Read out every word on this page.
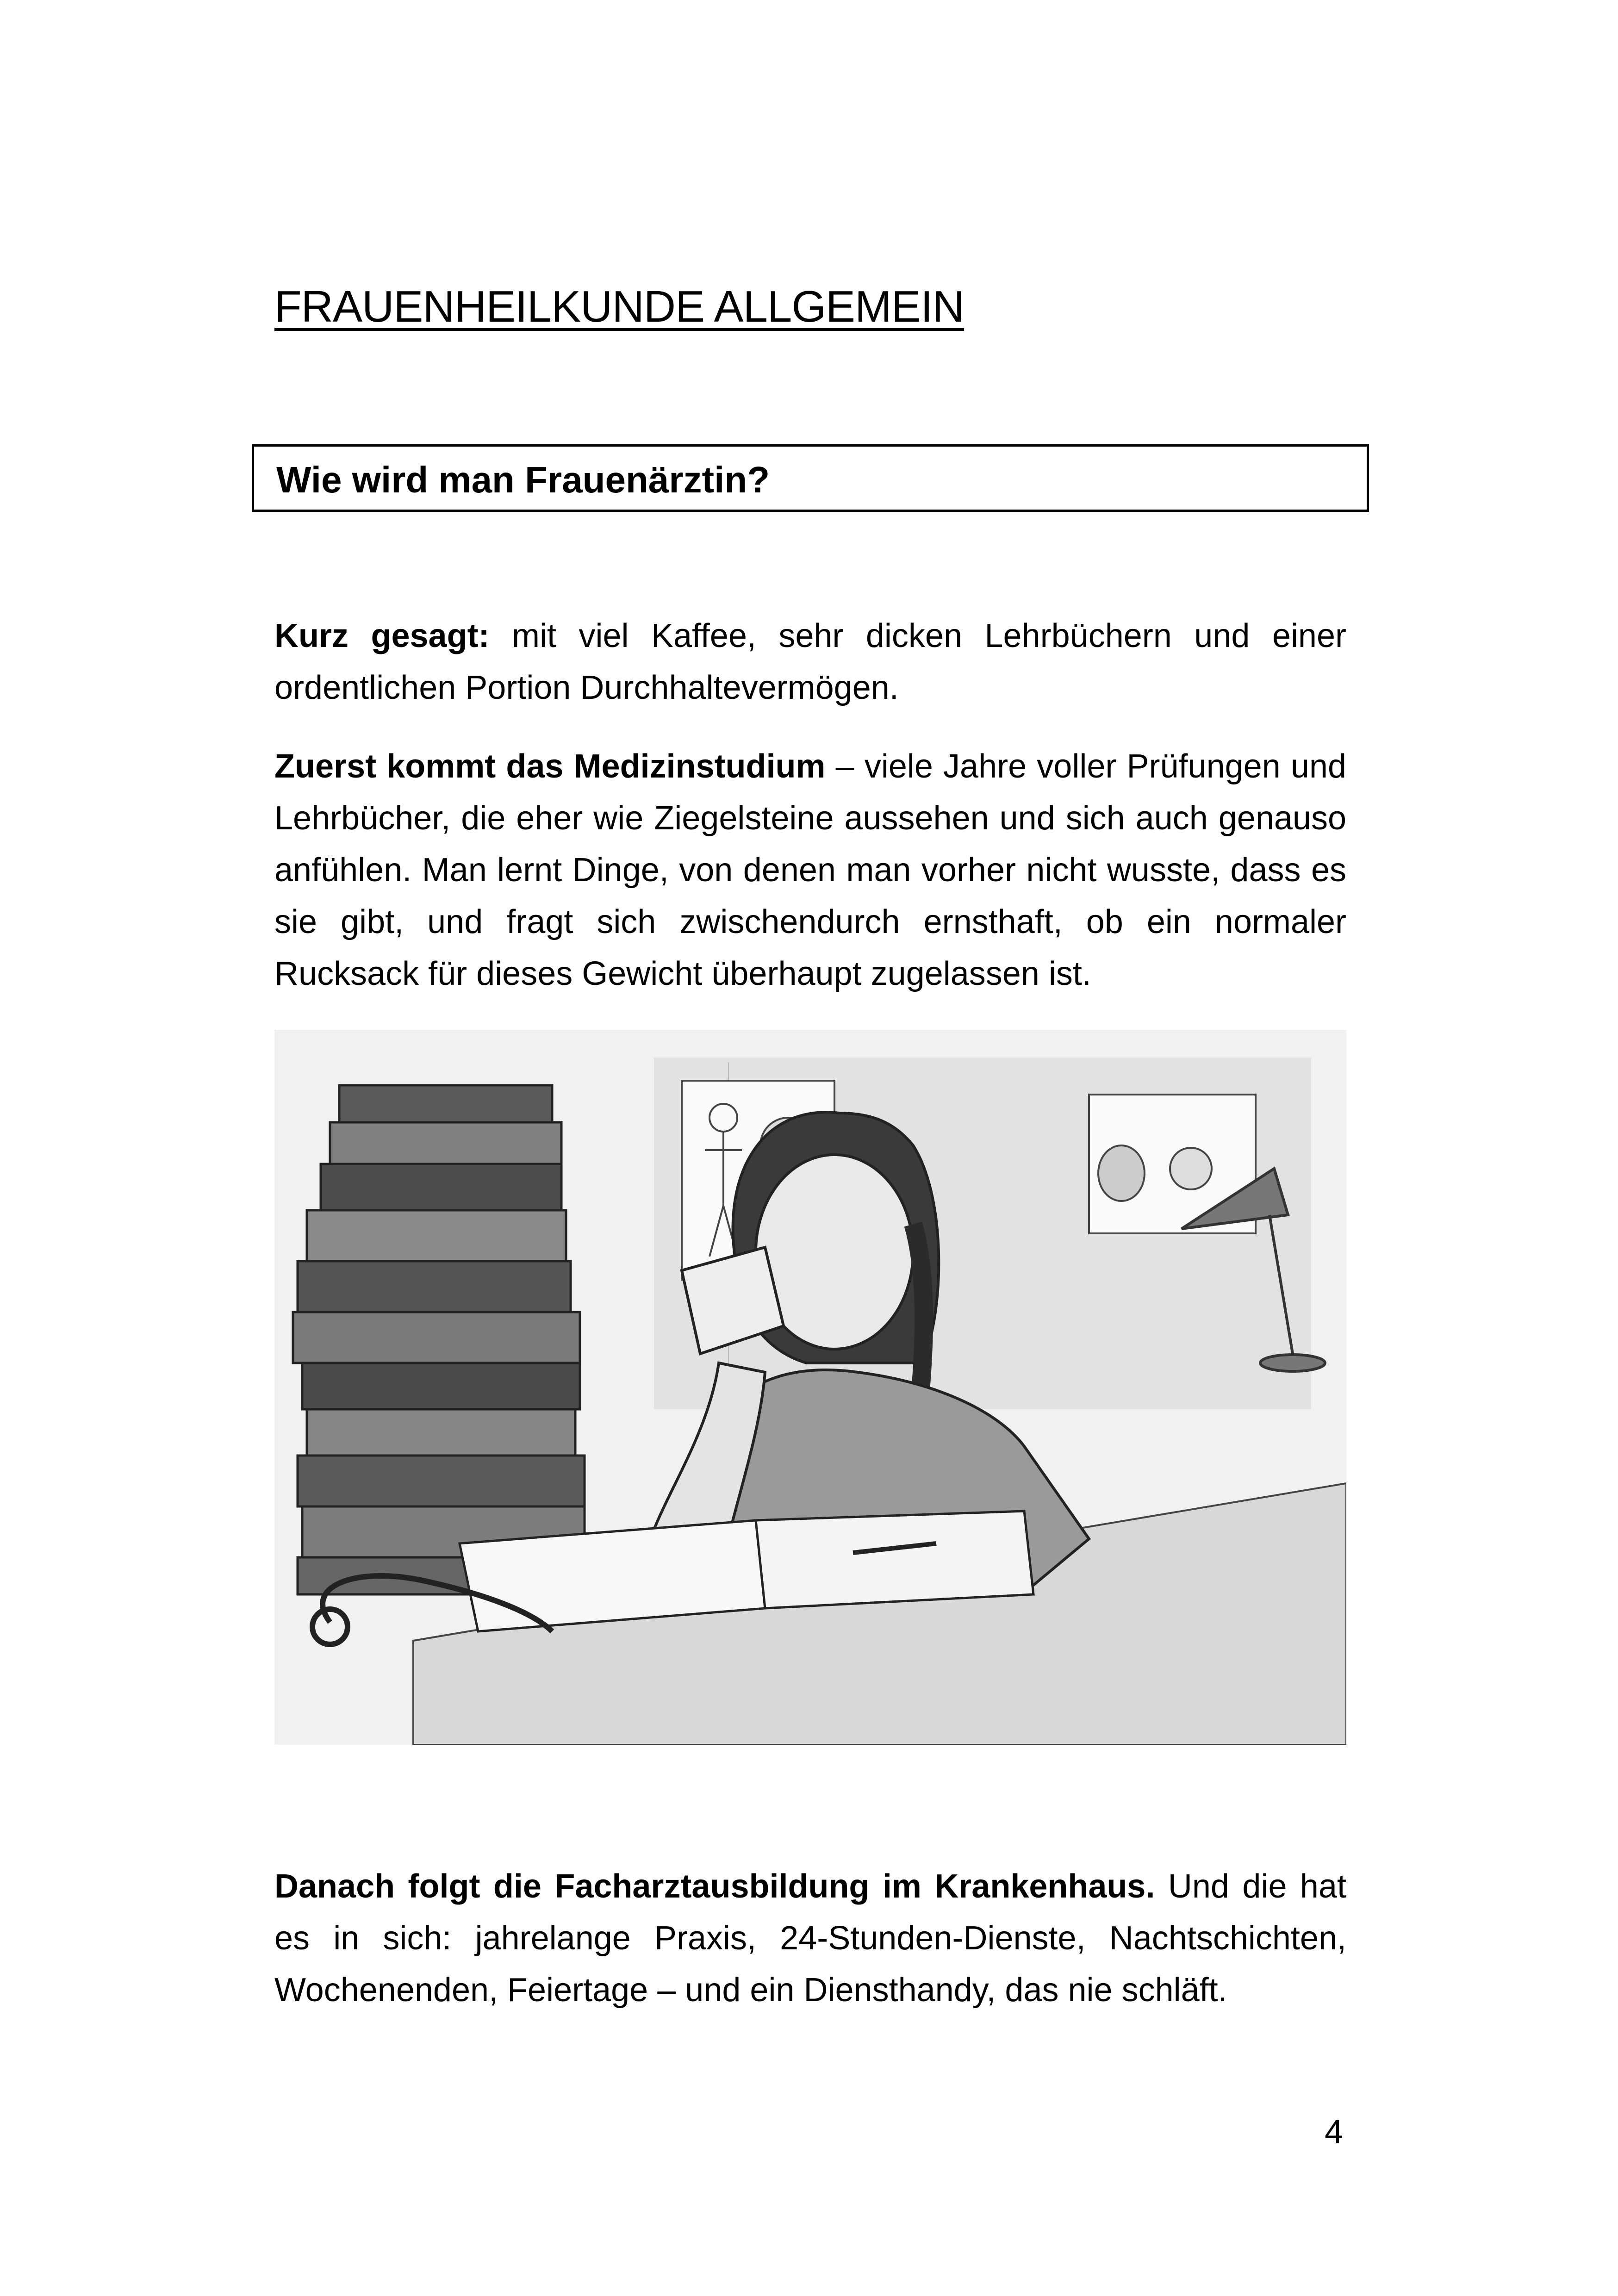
FRAUENHEILKUNDE ALLGEMEIN
Wie wird man Frauenärztin?

Kurz gesagt: mit viel Kaffee, sehr dicken Lehrbüchern und einer ordentlichen Portion Durchhaltevermögen.

Zuerst kommt das Medizinstudium – viele Jahre voller Prüfungen und Lehrbücher, die eher wie Ziegelsteine aussehen und sich auch genauso anfühlen. Man lernt Dinge, von denen man vorher nicht wusste, dass es sie gibt, und fragt sich zwischendurch ernsthaft, ob ein normaler Rucksack für dieses Gewicht überhaupt zugelassen ist.

Danach folgt die Facharztausbildung im Krankenhaus. Und die hat es in sich: jahrelange Praxis, 24-Stunden-Dienste, Nachtschichten, Wochenenden, Feiertage – und ein Diensthandy, das nie schläft.

4
